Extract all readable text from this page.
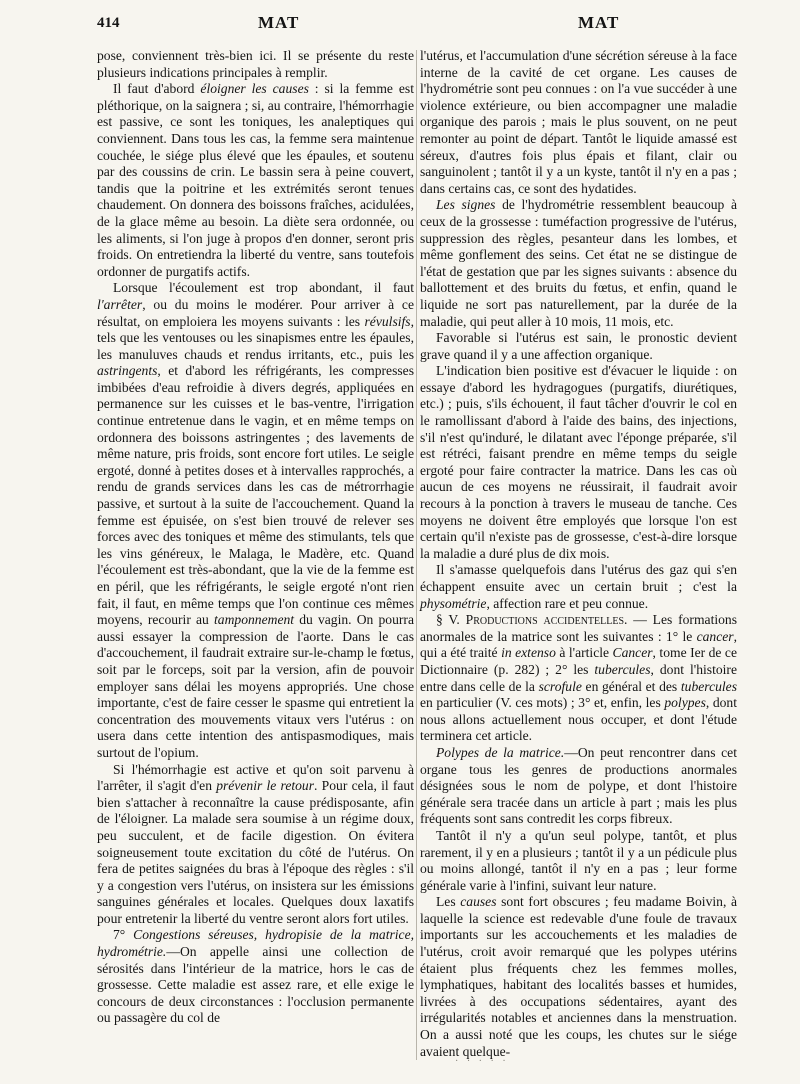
414	MAT	MAT

pose, conviennent très-bien ici. Il se présente du reste plusieurs indications principales à remplir.

Il faut d'abord éloigner les causes : si la femme est pléthorique, on la saignera ; si, au contraire, l'hémorrhagie est passive, ce sont les toniques, les analeptiques qui conviennent. Dans tous les cas, la femme sera maintenue couchée, le siége plus élevé que les épaules, et soutenu par des coussins de crin. Le bassin sera à peine couvert, tandis que la poitrine et les extrémités seront tenues chaudement. On donnera des boissons fraîches, acidulées, de la glace même au besoin. La diète sera ordonnée, ou les aliments, si l'on juge à propos d'en donner, seront pris froids. On entretiendra la liberté du ventre, sans toutefois ordonner de purgatifs actifs.

Lorsque l'écoulement est trop abondant, il faut l'arrêter, ou du moins le modérer. Pour arriver à ce résultat, on emploiera les moyens suivants : les révulsifs, tels que les ventouses ou les sinapismes entre les épaules, les manuluves chauds et rendus irritants, etc., puis les astringents, et d'abord les réfrigérants, les compresses imbibées d'eau refroidie à divers degrés, appliquées en permanence sur les cuisses et le bas-ventre, l'irrigation continue entretenue dans le vagin, et en même temps on ordonnera des boissons astringentes ; des lavements de même nature, pris froids, sont encore fort utiles. Le seigle ergoté, donné à petites doses et à intervalles rapprochés, a rendu de grands services dans les cas de métrorrhagie passive, et surtout à la suite de l'accouchement. Quand la femme est épuisée, on s'est bien trouvé de relever ses forces avec des toniques et même des stimulants, tels que les vins généreux, le Malaga, le Madère, etc. Quand l'écoulement est très-abondant, que la vie de la femme est en péril, que les réfrigérants, le seigle ergoté n'ont rien fait, il faut, en même temps que l'on continue ces mêmes moyens, recourir au tamponnement du vagin. On pourra aussi essayer la compression de l'aorte. Dans le cas d'accouchement, il faudrait extraire sur-le-champ le fœtus, soit par le forceps, soit par la version, afin de pouvoir employer sans délai les moyens appropriés. Une chose importante, c'est de faire cesser le spasme qui entretient la concentration des mouvements vitaux vers l'utérus : on usera dans cette intention des antispasmodiques, mais surtout de l'opium.

Si l'hémorrhagie est active et qu'on soit parvenu à l'arrêter, il s'agit d'en prévenir le retour. Pour cela, il faut bien s'attacher à reconnaître la cause prédisposante, afin de l'éloigner. La malade sera soumise à un régime doux, peu succulent, et de facile digestion. On évitera soigneusement toute excitation du côté de l'utérus. On fera de petites saignées du bras à l'époque des règles : s'il y a congestion vers l'utérus, on insistera sur les émissions sanguines générales et locales. Quelques doux laxatifs pour entretenir la liberté du ventre seront alors fort utiles.

7° Congestions séreuses, hydropisie de la matrice, hydrométrie.—On appelle ainsi une collection de sérosités dans l'intérieur de la matrice, hors le cas de grossesse. Cette maladie est assez rare, et elle exige le concours de deux circonstances : l'occlusion permanente ou passagère du col de

l'utérus, et l'accumulation d'une sécrétion séreuse à la face interne de la cavité de cet organe. Les causes de l'hydrométrie sont peu connues : on l'a vue succéder à une violence extérieure, ou bien accompagner une maladie organique des parois ; mais le plus souvent, on ne peut remonter au point de départ. Tantôt le liquide amassé est séreux, d'autres fois plus épais et filant, clair ou sanguinolent ; tantôt il y a un kyste, tantôt il n'y en a pas ; dans certains cas, ce sont des hydatides.

Les signes de l'hydrométrie ressemblent beaucoup à ceux de la grossesse : tuméfaction progressive de l'utérus, suppression des règles, pesanteur dans les lombes, et même gonflement des seins. Cet état ne se distingue de l'état de gestation que par les signes suivants : absence du ballottement et des bruits du fœtus, et enfin, quand le liquide ne sort pas naturellement, par la durée de la maladie, qui peut aller à 10 mois, 11 mois, etc.

Favorable si l'utérus est sain, le pronostic devient grave quand il y a une affection organique.

L'indication bien positive est d'évacuer le liquide : on essaye d'abord les hydragogues (purgatifs, diurétiques, etc.) ; puis, s'ils échouent, il faut tâcher d'ouvrir le col en le ramollissant d'abord à l'aide des bains, des injections, s'il n'est qu'induré, le dilatant avec l'éponge préparée, s'il est rétréci, faisant prendre en même temps du seigle ergoté pour faire contracter la matrice. Dans les cas où aucun de ces moyens ne réussirait, il faudrait avoir recours à la ponction à travers le museau de tanche. Ces moyens ne doivent être employés que lorsque l'on est certain qu'il n'existe pas de grossesse, c'est-à-dire lorsque la maladie a duré plus de dix mois.

Il s'amasse quelquefois dans l'utérus des gaz qui s'en échappent ensuite avec un certain bruit ; c'est la physométrie, affection rare et peu connue.

§ V. Productions accidentelles. — Les formations anormales de la matrice sont les suivantes : 1° le cancer, qui a été traité in extenso à l'article Cancer, tome Ier de ce Dictionnaire (p. 282) ; 2° les tubercules, dont l'histoire entre dans celle de la scrofule en général et des tubercules en particulier (V. ces mots) ; 3° et, enfin, les polypes, dont nous allons actuellement nous occuper, et dont l'étude terminera cet article.

Polypes de la matrice.—On peut rencontrer dans cet organe tous les genres de productions anormales désignées sous le nom de polype, et dont l'histoire générale sera tracée dans un article à part ; mais les plus fréquents sont sans contredit les corps fibreux.

Tantôt il n'y a qu'un seul polype, tantôt, et plus rarement, il y en a plusieurs ; tantôt il y a un pédicule plus ou moins allongé, tantôt il n'y en a pas ; leur forme générale varie à l'infini, suivant leur nature.

Les causes sont fort obscures ; feu madame Boivin, à laquelle la science est redevable d'une foule de travaux importants sur les accouchements et les maladies de l'utérus, croit avoir remarqué que les polypes utérins étaient plus fréquents chez les femmes molles, lymphatiques, habitant des localités basses et humides, livrées à des occupations sédentaires, ayant des irrégularités notables et anciennes dans la menstruation. On a aussi noté que les coups, les chutes sur le siége avaient quelque-

· · · · ·
